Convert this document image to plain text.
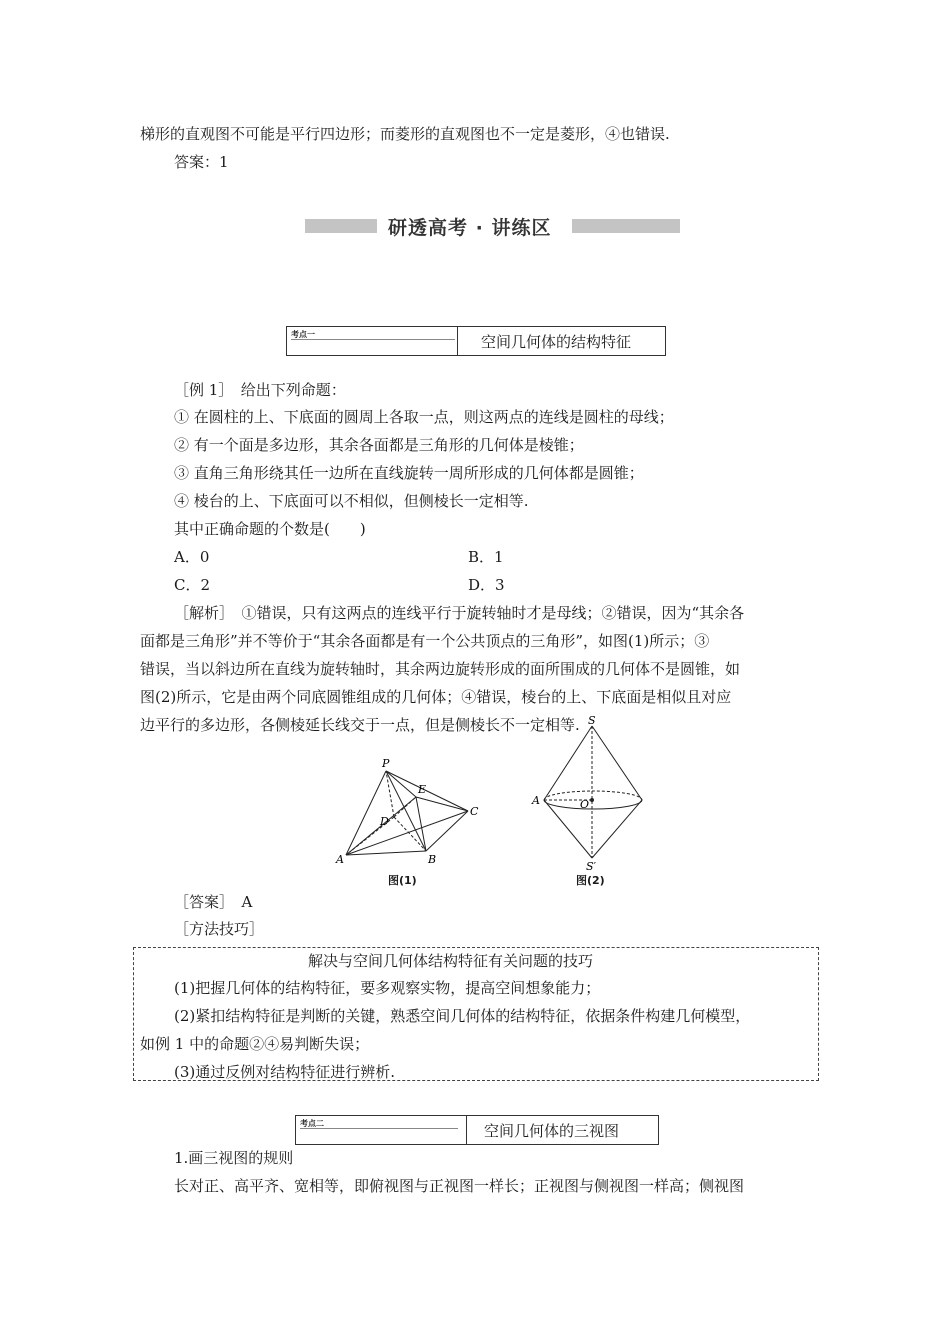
梯形的直观图不可能是平行四边形；而菱形的直观图也不一定是菱形，④也错误.
答案：1
研透高考 · 讲练区
考点一	空间几何体的结构特征
［例 1］　给出下列命题：
① 在圆柱的上、下底面的圆周上各取一点，则这两点的连线是圆柱的母线；
② 有一个面是多边形，其余各面都是三角形的几何体是棱锥；
③ 直角三角形绕其任一边所在直线旋转一周所形成的几何体都是圆锥；
④ 棱台的上、下底面可以不相似，但侧棱长一定相等.
其中正确命题的个数是(　　)
A．0	B．1
C．2	D．3
［解析］　①错误，只有这两点的连线平行于旋转轴时才是母线；②错误，因为“其余各
面都是三角形”并不等价于“其余各面都是有一个公共顶点的三角形”，如图(1)所示；③
错误，当以斜边所在直线为旋转轴时，其余两边旋转形成的面所围成的几何体不是圆锥，如
图(2)所示，它是由两个同底圆锥组成的几何体；④错误，棱台的上、下底面是相似且对应
边平行的多边形，各侧棱延长线交于一点，但是侧棱长不一定相等.
P
E
D
C
A	B
图(1)
S
O
A
S′
图(2)
［答案］　A
［方法技巧］
解决与空间几何体结构特征有关问题的技巧
(1)把握几何体的结构特征，要多观察实物，提高空间想象能力；
(2)紧扣结构特征是判断的关键，熟悉空间几何体的结构特征，依据条件构建几何模型，
如例 1 中的命题②④易判断失误；
(3)通过反例对结构特征进行辨析.
考点二	空间几何体的三视图
1.画三视图的规则
长对正、高平齐、宽相等，即俯视图与正视图一样长；正视图与侧视图一样高；侧视图
